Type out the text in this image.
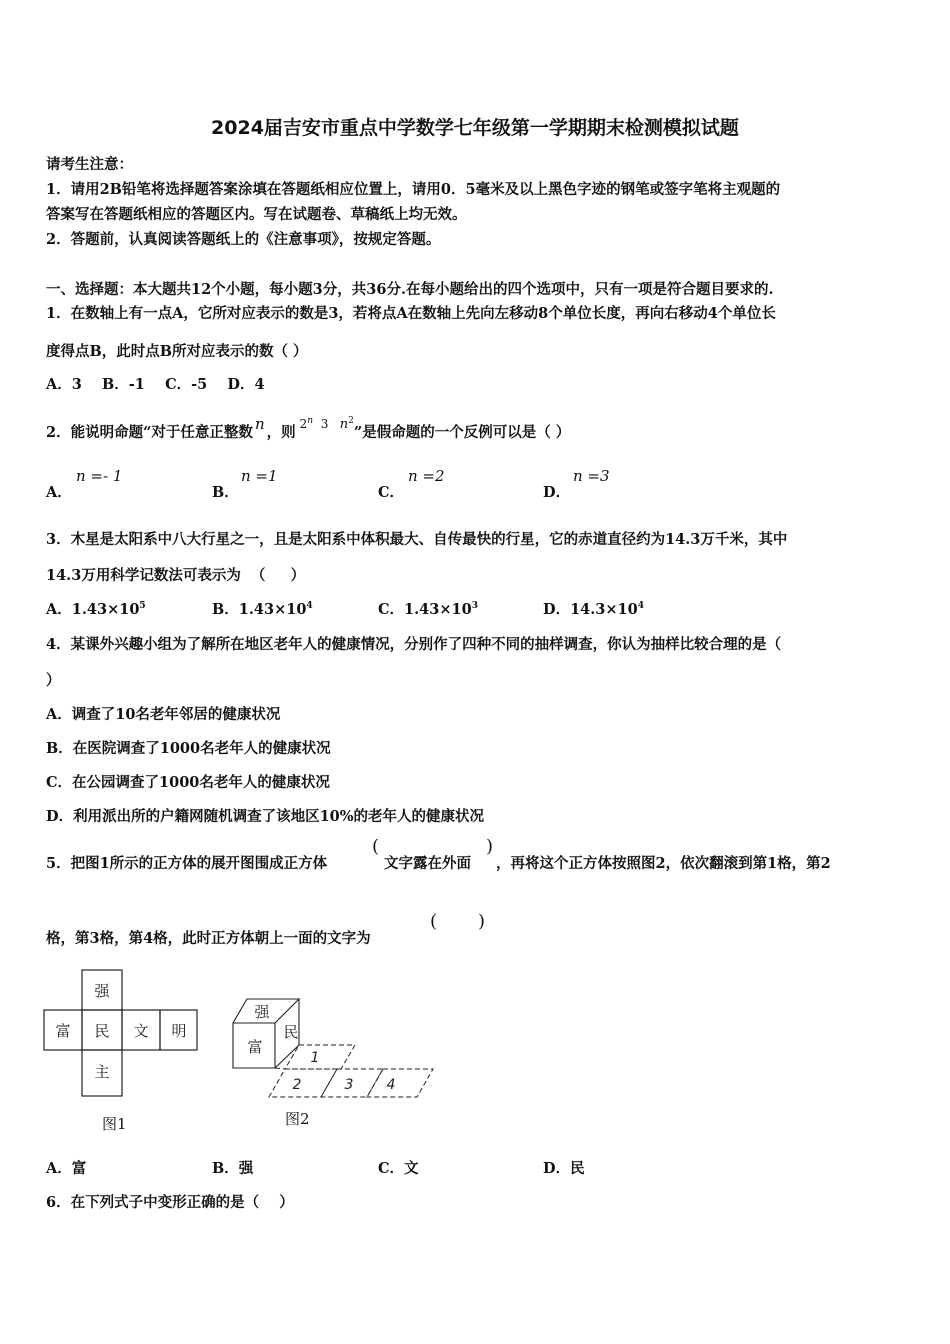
2024届吉安市重点中学数学七年级第一学期期末检测模拟试题
请考生注意：
1．请用2B铅笔将选择题答案涂填在答题纸相应位置上，请用0．5毫米及以上黑色字迹的钢笔或签字笔将主观题的
答案写在答题纸相应的答题区内。写在试题卷、草稿纸上均无效。
2．答题前，认真阅读答题纸上的《注意事项》，按规定答题。
一、选择题：本大题共12个小题，每小题3分，共36分.在每小题给出的四个选项中，只有一项是符合题目要求的.
1．在数轴上有一点A，它所对应表示的数是3，若将点A在数轴上先向左移动8个单位长度，再向右移动4个单位长
度得点B，此时点B所对应表示的数（ ）
A．3    B．-1    C．-5    D．4
2．能说明命题“对于任意正整数 n ，则 $^{2^n 3 n^2}$”是假命题的一个反例可以是（ ）
A．
n =- 1
B．
n =1
C．
n =2
D．
n =3
3．木星是太阳系中八大行星之一，且是太阳系中体积最大、自传最快的行星，它的赤道直径约为14.3万千米，其中
14.3万用科学记数法可表示为  （     ）
A．$1.43\times 10^5$	B．$1.43\times 10^4$	C．$1.43\times 10^3$	D．$14.3\times 10^4$
4．某课外兴趣小组为了解所在地区老年人的健康情况，分别作了四种不同的抽样调查，你认为抽样比较合理的是（
）
A．调查了10名老年邻居的健康状况
B．在医院调查了1000名老年人的健康状况
C．在公园调查了1000名老年人的健康状况
D．利用派出所的户籍网随机调查了该地区10%的老年人的健康状况
5．把图1所示的正方体的展开图围成正方体
(
文字露在外面
)
，再将这个正方体按照图2，依次翻滚到第1格，第2
格，第3格，第4格，此时正方体朝上一面的文字为
( )
强
富 民 文 明
主
图1
强
富
民
1
2	3 4
图2
A．富	B．强	C．文	D．民
6．在下列式子中变形正确的是（    ）
